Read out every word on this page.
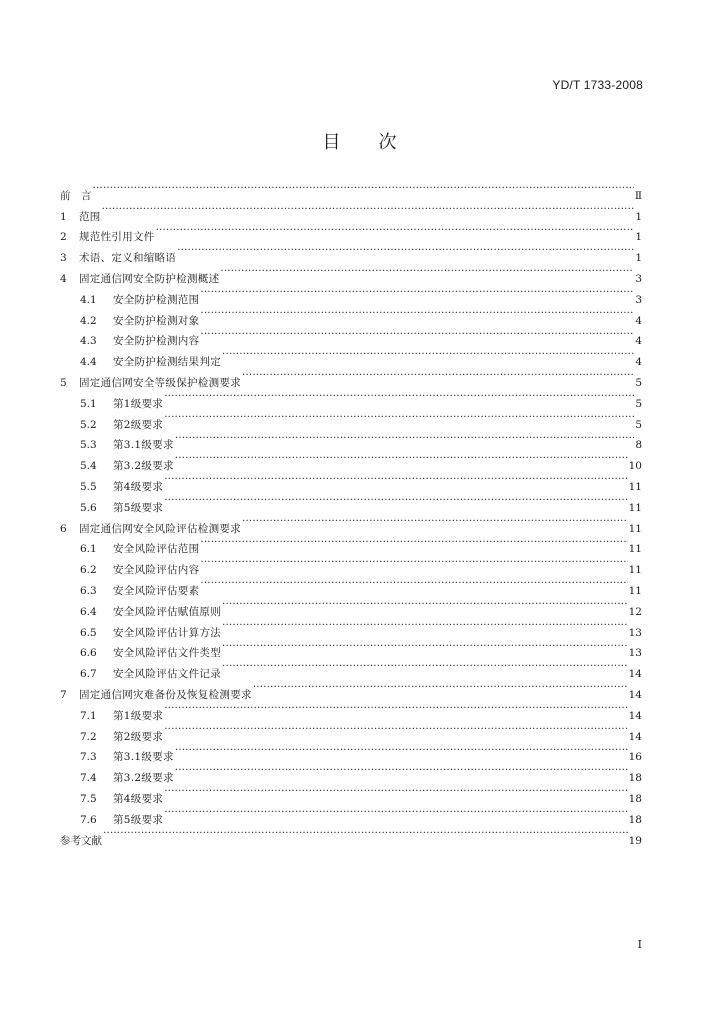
YD/T 1733-2008
目 次
前　言 ·····	Ⅱ
1	范围 ·····	1
2	规范性引用文件 ·····	1
3	术语、定义和缩略语 ·····	1
4	固定通信网安全防护检测概述 ·····	3
4.1	安全防护检测范围 ·····	3
4.2	安全防护检测对象 ·····	4
4.3	安全防护检测内容 ·····	4
4.4	安全防护检测结果判定 ·····	4
5	固定通信网安全等级保护检测要求 ·····	5
5.1	第1级要求 ·····	5
5.2	第2级要求 ·····	5
5.3	第3.1级要求 ·····	8
5.4	第3.2级要求 ·····	10
5.5	第4级要求 ·····	11
5.6	第5级要求 ·····	11
6	固定通信网安全风险评估检测要求 ·····	11
6.1	安全风险评估范围 ·····	11
6.2	安全风险评估内容 ·····	11
6.3	安全风险评估要素 ·····	11
6.4	安全风险评估赋值原则 ·····	12
6.5	安全风险评估计算方法 ·····	13
6.6	安全风险评估文件类型 ·····	13
6.7	安全风险评估文件记录 ·····	14
7	固定通信网灾难备份及恢复检测要求 ·····	14
7.1	第1级要求 ·····	14
7.2	第2级要求 ·····	14
7.3	第3.1级要求 ·····	16
7.4	第3.2级要求 ·····	18
7.5	第4级要求 ·····	18
7.6	第5级要求 ·····	18
参考文献 ·····	19
I
